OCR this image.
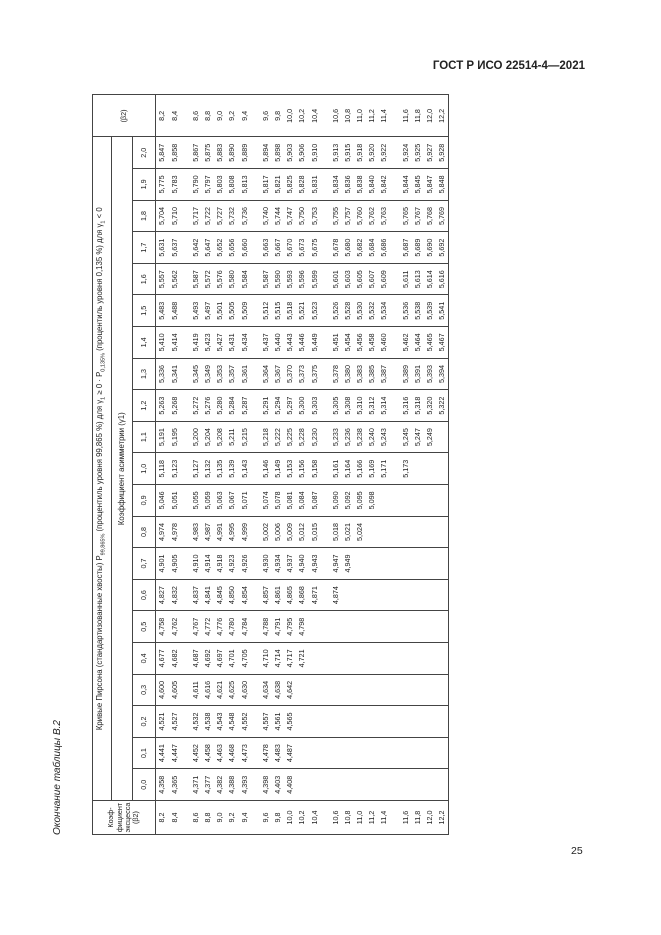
ГОСТ Р ИСО 22514-4—2021
Окончание таблицы В.2	Коэф-фициент эксцесса (β2)	Кривые Пирсона (стандартизованные хвосты) $P_{99,865\%}$ (процентиль уровня 99,865 %) для $\gamma_1 \ge 0 \cdot P_{0,135\%}$ (процентиль уровня 0,135 %) для $\gamma_1 < 0$																					(β2)
	Коэффициент асимметрии (γ1)																					
	0,0	0,1	0,2	0,3	0,4	0,5	0,6	0,7	0,8	0,9	1,0	1,1	1,2	1,3	1,4	1,5	1,6	1,7	1,8	1,9	2,0	
8,2	4,358	4,441	4,521	4,600	4,677	4,758	4,827	4,901	4,974	5,046	5,118	5,191	5,263	5,336	5,410	5,483	5,557	5,631	5,704	5,775	5,847	8,2
8,4	4,365	4,447	4,527	4,605	4,682	4,762	4,832	4,905	4,978	5,051	5,123	5,195	5,268	5,341	5,414	5,488	5,562	5,637	5,710	5,783	5,858	8,4

8,6	4,371	4,452	4,532	4,611	4,687	4,767	4,837	4,910	4,983	5,055	5,127	5,200	5,272	5,345	5,419	5,493	5,587	5,642	5,717	5,790	5,867	8,6
8,8	4,377	4,458	4,538	4,616	4,692	4,772	4,841	4,914	4,987	5,059	5,132	5,204	5,276	5,349	5,423	5,497	5,572	5,647	5,722	5,797	5,875	8,8
9,0	4,382	4,463	4,543	4,621	4,697	4,776	4,845	4,918	4,991	5,063	5,135	5,208	5,280	5,353	5,427	5,501	5,576	5,652	5,727	5,803	5,883	9,0
9,2	4,388	4,468	4,548	4,625	4,701	4,780	4,850	4,923	4,995	5,067	5,139	5,211	5,284	5,357	5,431	5,505	5,580	5,656	5,732	5,808	5,890	9,2
9,4	4,393	4,473	4,552	4,630	4,705	4,784	4,854	4,926	4,999	5,071	5,143	5,215	5,287	5,361	5,434	5,509	5,584	5,660	5,736	5,813	5,889	9,4

9,6	4,398	4,478	4,557	4,634	4,710	4,788	4,857	4,930	5,002	5,074	5,146	5,218	5,291	5,364	5,437	5,512	5,587	5,663	5,740	5,817	5,894	9,6
9,8	4,403	4,483	4,561	4,638	4,714	4,791	4,861	4,934	5,006	5,078	5,149	5,222	5,294	5,367	5,440	5,515	5,590	5,667	5,744	5,821	5,898	9,8
10,0	4,408	4,487	4,565	4,642	4,717	4,795	4,865	4,937	5,009	5,081	5,153	5,225	5,297	5,370	5,443	5,518	5,593	5,670	5,747	5,825	5,903	10,0
10,2					4,721	4,798	4,868	4,940	5,012	5,084	5,156	5,228	5,300	5,373	5,446	5,521	5,596	5,673	5,750	5,828	5,906	10,2
10,4							4,871	4,943	5,015	5,087	5,158	5,230	5,303	5,375	5,449	5,523	5,599	5,675	5,753	5,831	5,910	10,4

10,6							4,874	4,947	5,018	5,090	5,161	5,233	5,305	5,378	5,451	5,526	5,601	5,678	5,755	5,834	5,913	10,6
10,8								4,949	5,021	5,092	5,164	5,236	5,308	5,380	5,454	5,528	5,603	5,680	5,757	5,836	5,915	10,8
11,0									5,024	5,095	5,166	5,238	5,310	5,383	5,456	5,530	5,605	5,682	5,760	5,838	5,918	11,0
11,2										5,098	5,169	5,240	5,312	5,385	5,458	5,532	5,607	5,684	5,762	5,840	5,920	11,2
11,4											5,171	5,243	5,314	5,387	5,460	5,534	5,609	5,686	5,763	5,842	5,922	11,4

11,6											5,173	5,245	5,316	5,389	5,462	5,536	5,611	5,687	5,765	5,844	5,924	11,6
11,8												5,247	5,318	5,391	5,464	5,538	5,613	5,689	5,767	5,845	5,925	11,8
12,0												5,249	5,320	5,393	5,465	5,539	5,614	5,690	5,768	5,847	5,927	12,0
12,2													5,322	5,394	5,467	5,541	5,616	5,692	5,769	5,848	5,928	12,2
25
